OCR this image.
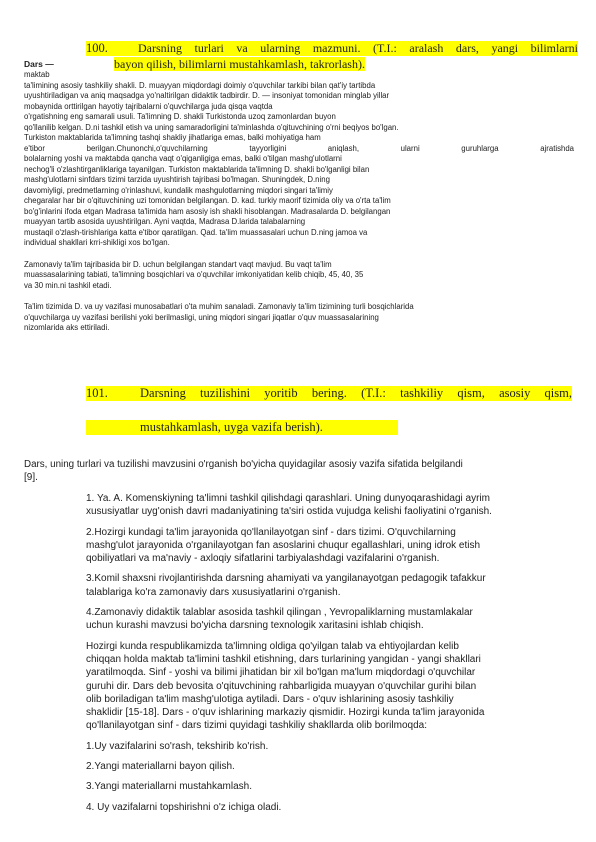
100.	Darsning turlari va ularning mazmuni. (T.I.: aralash dars, yangi bilimlarni
bayon qilish, bilimlarni mustahkamlash, takrorlash).
Dars —

maktab

ta'limining asosiy tashkiliy shakli. D. muayyan miqdordagi doimiy o'quvchilar tarkibi bilan qat'iy tartibda

uyushtiriladigan va aniq maqsadga yo'naltirilgan didaktik tadbirdir. D. — insoniyat tomonidan minglab yillar

mobaynida orttirilgan hayotiy tajribalarni o'quvchilarga juda qisqa vaqtda

o'rgatishning eng samarali usuli. Ta'limning D. shakli Turkistonda uzoq zamonlardan buyon

qo'llanilib kelgan. D.ni tashkil etish va uning samaradorligini ta'minlashda o'qituvchining o'rni beqiyos bo'lgan.

Turkiston maktablarida ta'limning tashqi shakliy jihatlariga emas, balki mohiyatiga ham

e'tibor berilgan.Chunonchi,o'quvchilarning tayyorligini aniqlash, ularni guruhlarga ajratishda

bolalarning yoshi va maktabda qancha vaqt o'qiganligiga emas, balki o'tilgan mashg'ulotlarni

nechog'li o'zlashtirganliklariga tayanilgan. Turkiston maktablarida ta'limning D. shakli bo'lganligi bilan

mashg'ulotlarni sinfdars tizimi tarzida uyushtirish tajribasi bo'lmagan. Shuningdek, D.ning

davomiyligi, predmetlarning o'rinlashuvi, kundalik mashgulotlarning miqdori singari ta'limiy

chegaralar har bir o'qituvchining uzi tomonidan belgilangan. D. kad. turkiy maorif tizimida oliy va o'rta ta'lim

bo'g'inlarini ifoda etgan Madrasa ta'limida ham asosiy ish shakli hisoblangan. Madrasalarda D. belgilangan

muayyan tartib asosida uyushtirilgan. Ayni vaqtda, Madrasa D.larida talabalarning

mustaqil o'zlash-tirishlariga katta e'tibor qaratilgan. Qad. ta'lim muassasalari uchun D.ning jamoa va

individual shakllari krri-shikligi xos bo'lgan.

Zamonaviy ta'lim tajribasida bir D. uchun belgilangan standart vaqt mavjud. Bu vaqt ta'lim

muassasalarining tabiati, ta'limning bosqichlari va o'quvchilar imkoniyatidan kelib chiqib, 45, 40, 35

va 30 min.ni tashkil etadi.

Ta'lim tizimida D. va uy vazifasi munosabatlari o'ta muhim sanaladi. Zamonaviy ta'lim tizimining turli bosqichlarida

o'quvchilarga uy vazifasi berilishi yoki berilmasligi, uning miqdori singari jiqatlar o'quv muassasalarining

nizomlarida aks ettiriladi.

101.	Darsning tuzilishini yoritib bering. (T.I.: tashkiliy qism, asosiy qism,
mustahkamlash, uyga vazifa berish).

Dars, uning turlari va tuzilishi mavzusini o'rganish bo'yicha quyidagilar asosiy vazifa sifatida belgilandi

[9].

1. Ya. A. Komenskiyning ta'limni tashkil qilishdagi qarashlari. Uning dunyoqarashidagi ayrim

xususiyatlar uyg'onish davri madaniyatining ta'siri ostida vujudga kelishi faoliyatini o'rganish.

2.Hozirgi kundagi ta'lim jarayonida qo'llanilayotgan sinf - dars tizimi. O'quvchilarning

mashg'ulot jarayonida o'rganilayotgan fan asoslarini chuqur egallashlari, uning idrok etish

qobiliyatlari va ma'naviy - axloqiy sifatlarini tarbiyalashdagi vazifalarini o'rganish.

3.Komil shaxsni rivojlantirishda darsning ahamiyati va yangilanayotgan pedagogik tafakkur

talablariga ko'ra zamonaviy dars xususiyatlarini o'rganish.

4.Zamonaviy didaktik talablar asosida tashkil qilingan , Yevropaliklarning mustamlakalar

uchun kurashi mavzusi bo'yicha darsning texnologik xaritasini ishlab chiqish.

Hozirgi kunda respublikamizda ta'limning oldiga qo'yilgan talab va ehtiyojlardan kelib

chiqqan holda maktab ta'limini tashkil etishning, dars turlarining yangidan - yangi shakllari

yaratilmoqda. Sinf - yoshi va bilimi jihatidan bir xil bo'lgan ma'lum miqdordagi o'quvchilar

guruhi dir. Dars deb bevosita o'qituvchining rahbarligida muayyan o'quvchilar gurihi bilan

olib boriladigan ta'lim mashg'ulotiga aytiladi. Dars - o'quv ishlarining asosiy tashkiliy

shaklidir [15-18]. Dars - o'quv ishlarining markaziy qismidir. Hozirgi kunda ta'lim jarayonida

qo'llanilayotgan sinf - dars tizimi quyidagi tashkiliy shakllarda olib borilmoqda:

1.Uy vazifalarini so'rash, tekshirib ko'rish.

2.Yangi materiallarni bayon qilish.

3.Yangi materiallarni mustahkamlash.

4. Uy vazifalarni topshirishni o'z ichiga oladi.
